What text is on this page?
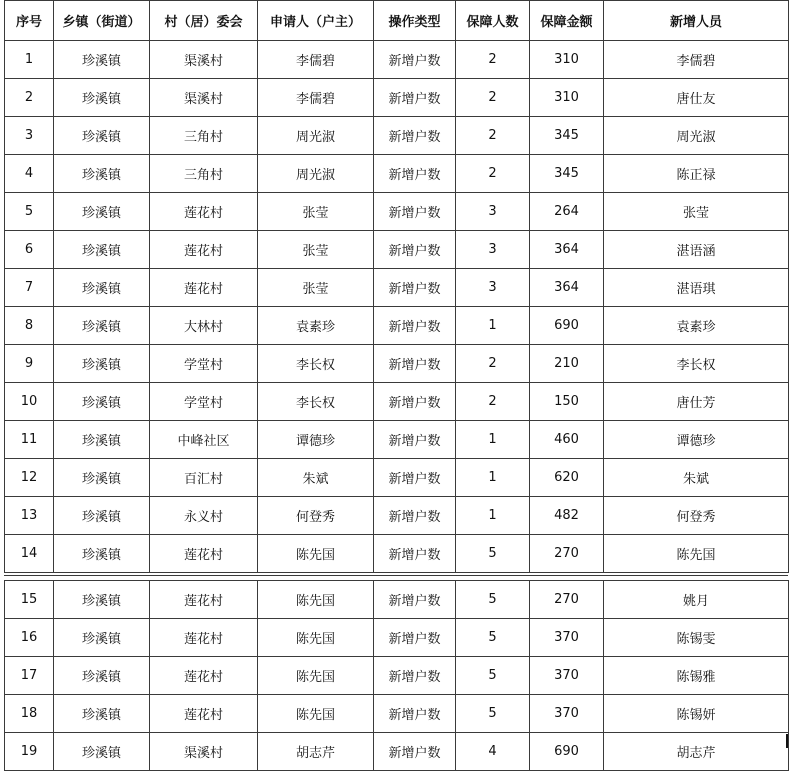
序号	乡镇（街道）	村（居）委会	申请人（户主）	操作类型	保障人数	保障金额	新增人员
1	珍溪镇	渠溪村	李儒碧	新增户数	2	310	李儒碧
2	珍溪镇	渠溪村	李儒碧	新增户数	2	310	唐仕友
3	珍溪镇	三角村	周光淑	新增户数	2	345	周光淑
4	珍溪镇	三角村	周光淑	新增户数	2	345	陈正禄
5	珍溪镇	莲花村	张莹	新增户数	3	264	张莹
6	珍溪镇	莲花村	张莹	新增户数	3	364	湛语涵
7	珍溪镇	莲花村	张莹	新增户数	3	364	湛语琪
8	珍溪镇	大林村	袁素珍	新增户数	1	690	袁素珍
9	珍溪镇	学堂村	李长权	新增户数	2	210	李长权
10	珍溪镇	学堂村	李长权	新增户数	2	150	唐仕芳
11	珍溪镇	中峰社区	谭德珍	新增户数	1	460	谭德珍
12	珍溪镇	百汇村	朱斌	新增户数	1	620	朱斌
13	珍溪镇	永义村	何登秀	新增户数	1	482	何登秀
14	珍溪镇	莲花村	陈先国	新增户数	5	270	陈先国
15	珍溪镇	莲花村	陈先国	新增户数	5	270	姚月
16	珍溪镇	莲花村	陈先国	新增户数	5	370	陈锡雯
17	珍溪镇	莲花村	陈先国	新增户数	5	370	陈锡雅
18	珍溪镇	莲花村	陈先国	新增户数	5	370	陈锡妍
19	珍溪镇	渠溪村	胡志芹	新增户数	4	690	胡志芹
